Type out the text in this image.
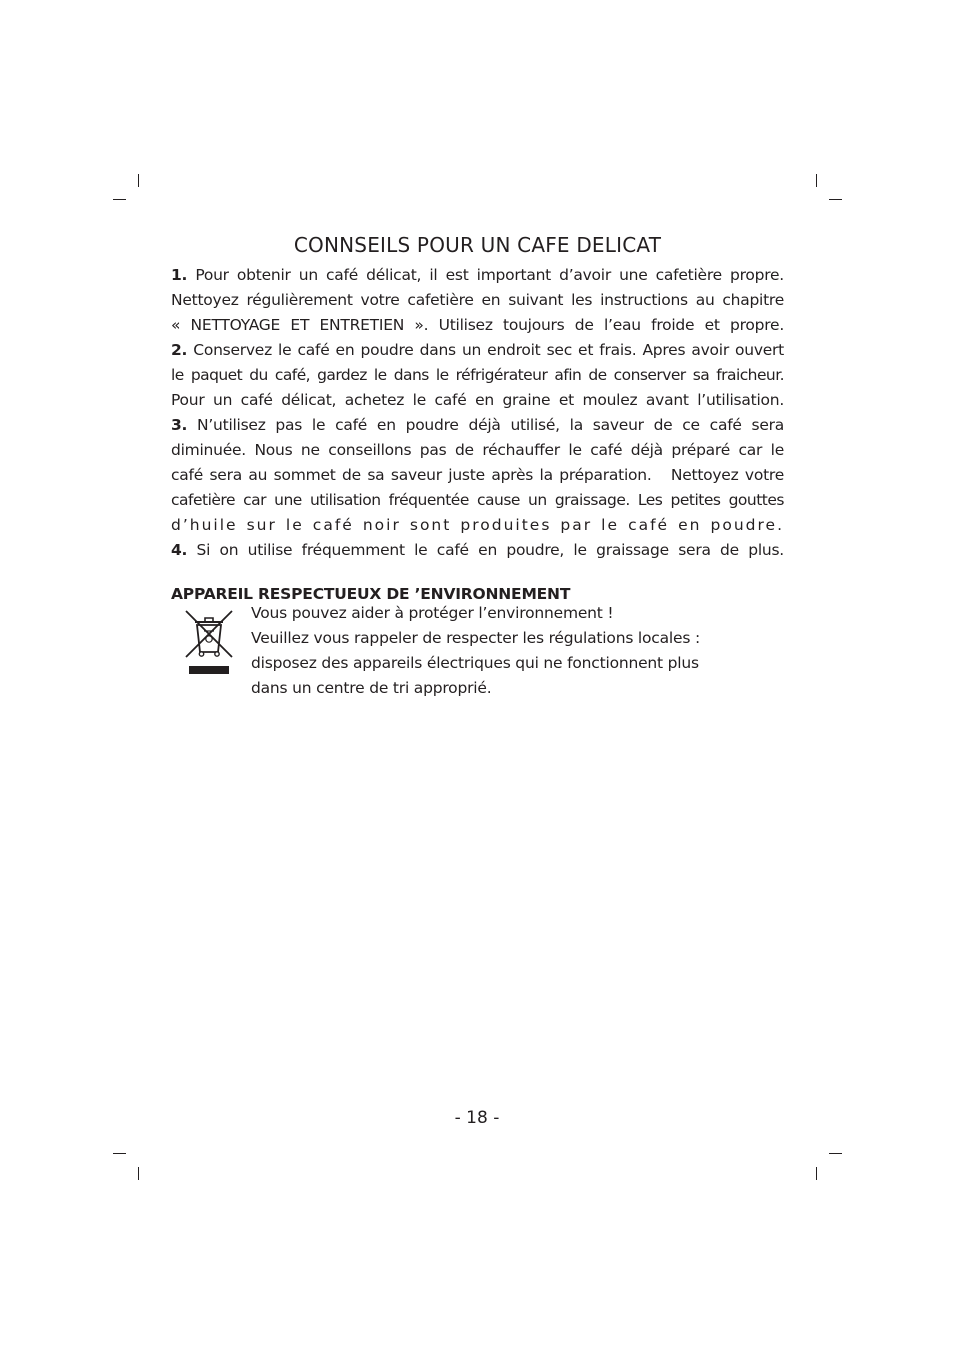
CONNSEILS POUR UN CAFE DELICAT
1. Pour obtenir un café délicat, il est important d’avoir une cafetière propre.
Nettoyez régulièrement votre cafetière en suivant les instructions au chapitre
« NETTOYAGE ET ENTRETIEN ». Utilisez toujours de l’eau froide et propre.
2. Conservez le café en poudre dans un endroit sec et frais. Apres avoir ouvert
le paquet du café, gardez le dans le réfrigérateur afin de conserver sa fraicheur.
Pour un café délicat, achetez le café en graine et moulez avant l’utilisation.
3. N’utilisez pas le café en poudre déjà utilisé, la saveur de ce café sera
diminuée. Nous ne conseillons pas de réchauffer le café déjà préparé car le
café sera au sommet de sa saveur juste après la préparation.   Nettoyez votre
cafetière car une utilisation fréquentée cause un graissage. Les petites gouttes
d’huile sur le café noir sont produites par le café en poudre.
4. Si on utilise fréquemment le café en poudre, le graissage sera de plus.
APPAREIL RESPECTUEUX DE ’ENVIRONNEMENT
Vous pouvez aider à protéger l’environnement !
Veuillez vous rappeler de respecter les régulations locales :
disposez des appareils électriques qui ne fonctionnent plus
dans un centre de tri approprié.
- 18 -
